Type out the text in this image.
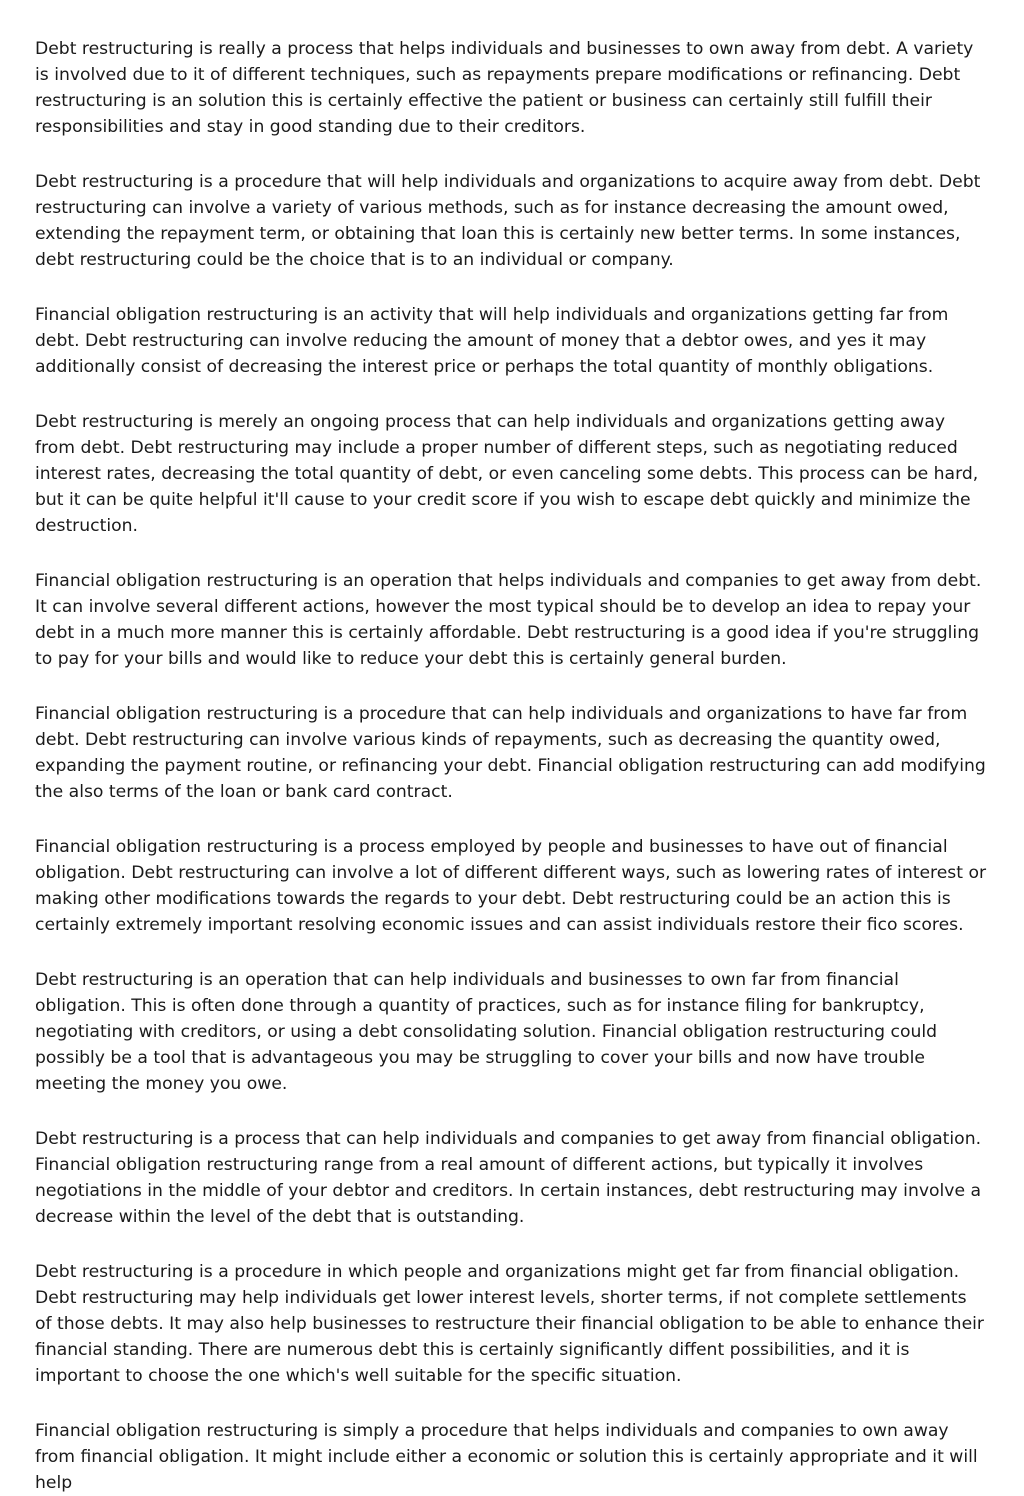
Debt restructuring is really a process that helps individuals and businesses to own away from debt. A variety is involved due to it of different techniques, such as repayments prepare modifications or refinancing. Debt restructuring is an solution this is certainly effective the patient or business can certainly still fulfill their responsibilities and stay in good standing due to their creditors.

Debt restructuring is a procedure that will help individuals and organizations to acquire away from debt. Debt restructuring can involve a variety of various methods, such as for instance decreasing the amount owed, extending the repayment term, or obtaining that loan this is certainly new better terms. In some instances, debt restructuring could be the choice that is to an individual or company.

Financial obligation restructuring is an activity that will help individuals and organizations getting far from debt. Debt restructuring can involve reducing the amount of money that a debtor owes, and yes it may additionally consist of decreasing the interest price or perhaps the total quantity of monthly obligations.

Debt restructuring is merely an ongoing process that can help individuals and organizations getting away from debt. Debt restructuring may include a proper number of different steps, such as negotiating reduced interest rates, decreasing the total quantity of debt, or even canceling some debts. This process can be hard, but it can be quite helpful it'll cause to your credit score if you wish to escape debt quickly and minimize the destruction.

Financial obligation restructuring is an operation that helps individuals and companies to get away from debt. It can involve several different actions, however the most typical should be to develop an idea to repay your debt in a much more manner this is certainly affordable. Debt restructuring is a good idea if you're struggling to pay for your bills and would like to reduce your debt this is certainly general burden.

Financial obligation restructuring is a procedure that can help individuals and organizations to have far from debt. Debt restructuring can involve various kinds of repayments, such as decreasing the quantity owed, expanding the payment routine, or refinancing your debt. Financial obligation restructuring can add modifying the also terms of the loan or bank card contract.

Financial obligation restructuring is a process employed by people and businesses to have out of financial obligation. Debt restructuring can involve a lot of different different ways, such as lowering rates of interest or making other modifications towards the regards to your debt. Debt restructuring could be an action this is certainly extremely important resolving economic issues and can assist individuals restore their fico scores.

Debt restructuring is an operation that can help individuals and businesses to own far from financial obligation. This is often done through a quantity of practices, such as for instance filing for bankruptcy, negotiating with creditors, or using a debt consolidating solution. Financial obligation restructuring could possibly be a tool that is advantageous you may be struggling to cover your bills and now have trouble meeting the money you owe.

Debt restructuring is a process that can help individuals and companies to get away from financial obligation. Financial obligation restructuring range from a real amount of different actions, but typically it involves negotiations in the middle of your debtor and creditors. In certain instances, debt restructuring may involve a decrease within the level of the debt that is outstanding.

Debt restructuring is a procedure in which people and organizations might get far from financial obligation. Debt restructuring may help individuals get lower interest levels, shorter terms, if not complete settlements of those debts. It may also help businesses to restructure their financial obligation to be able to enhance their financial standing. There are numerous debt this is certainly significantly diffent possibilities, and it is important to choose the one which's well suitable for the specific situation.

Financial obligation restructuring is simply a procedure that helps individuals and companies to own away from financial obligation. It might include either a economic or solution this is certainly appropriate and it will help
